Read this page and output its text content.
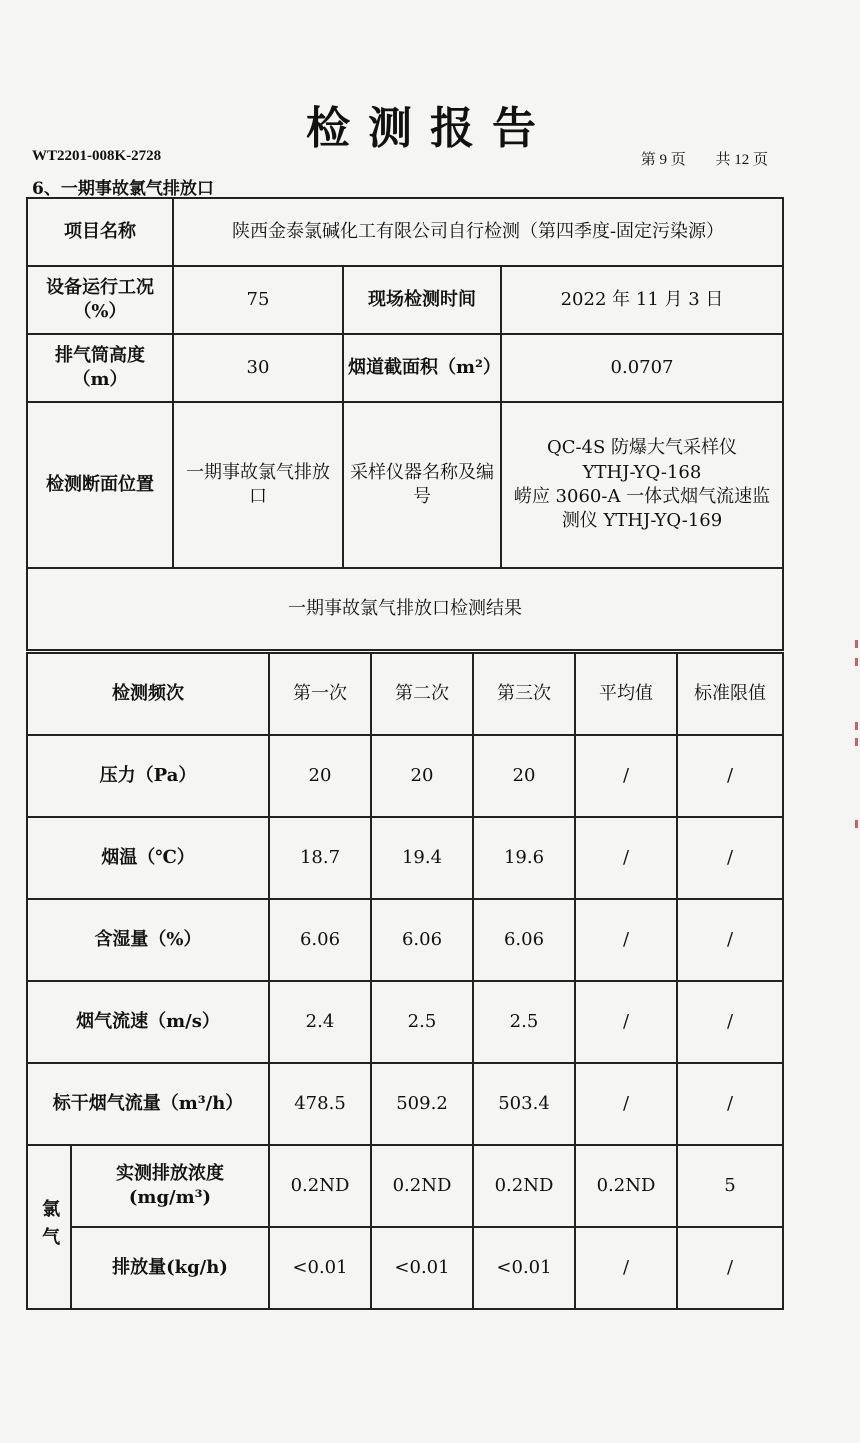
检测报告
WT2201-008K-2728	第 9 页 共 12 页
6、一期事故氯气排放口
项目名称	陕西金泰氯碱化工有限公司自行检测（第四季度-固定污染源）		
设备运行工况（%）	75	现场检测时间	2022 年 11 月 3 日
排气筒高度（m）	30	烟道截面积（m²）	0.0707
检测断面位置	一期事故氯气排放口	采样仪器名称及编号	QC-4S 防爆大气采样仪
YTHJ-YQ-168
崂应 3060-A 一体式烟气流速监
测仪 YTHJ-YQ-169

一期事故氯气排放口检测结果			
检测频次		第一次	第二次	第三次	平均值	标准限值
压力（Pa）		20	20	20	/	/
烟温（℃）		18.7	19.4	19.6	/	/
含湿量（%）		6.06	6.06	6.06	/	/
烟气流速（m/s）		2.4	2.5	2.5	/	/
标干烟气流量（m³/h）		478.5	509.2	503.4	/	/
氯气	实测排放浓度(mg/m³)	0.2ND	0.2ND	0.2ND	0.2ND	5
	排放量(kg/h)	<0.01	<0.01	<0.01	/	/
